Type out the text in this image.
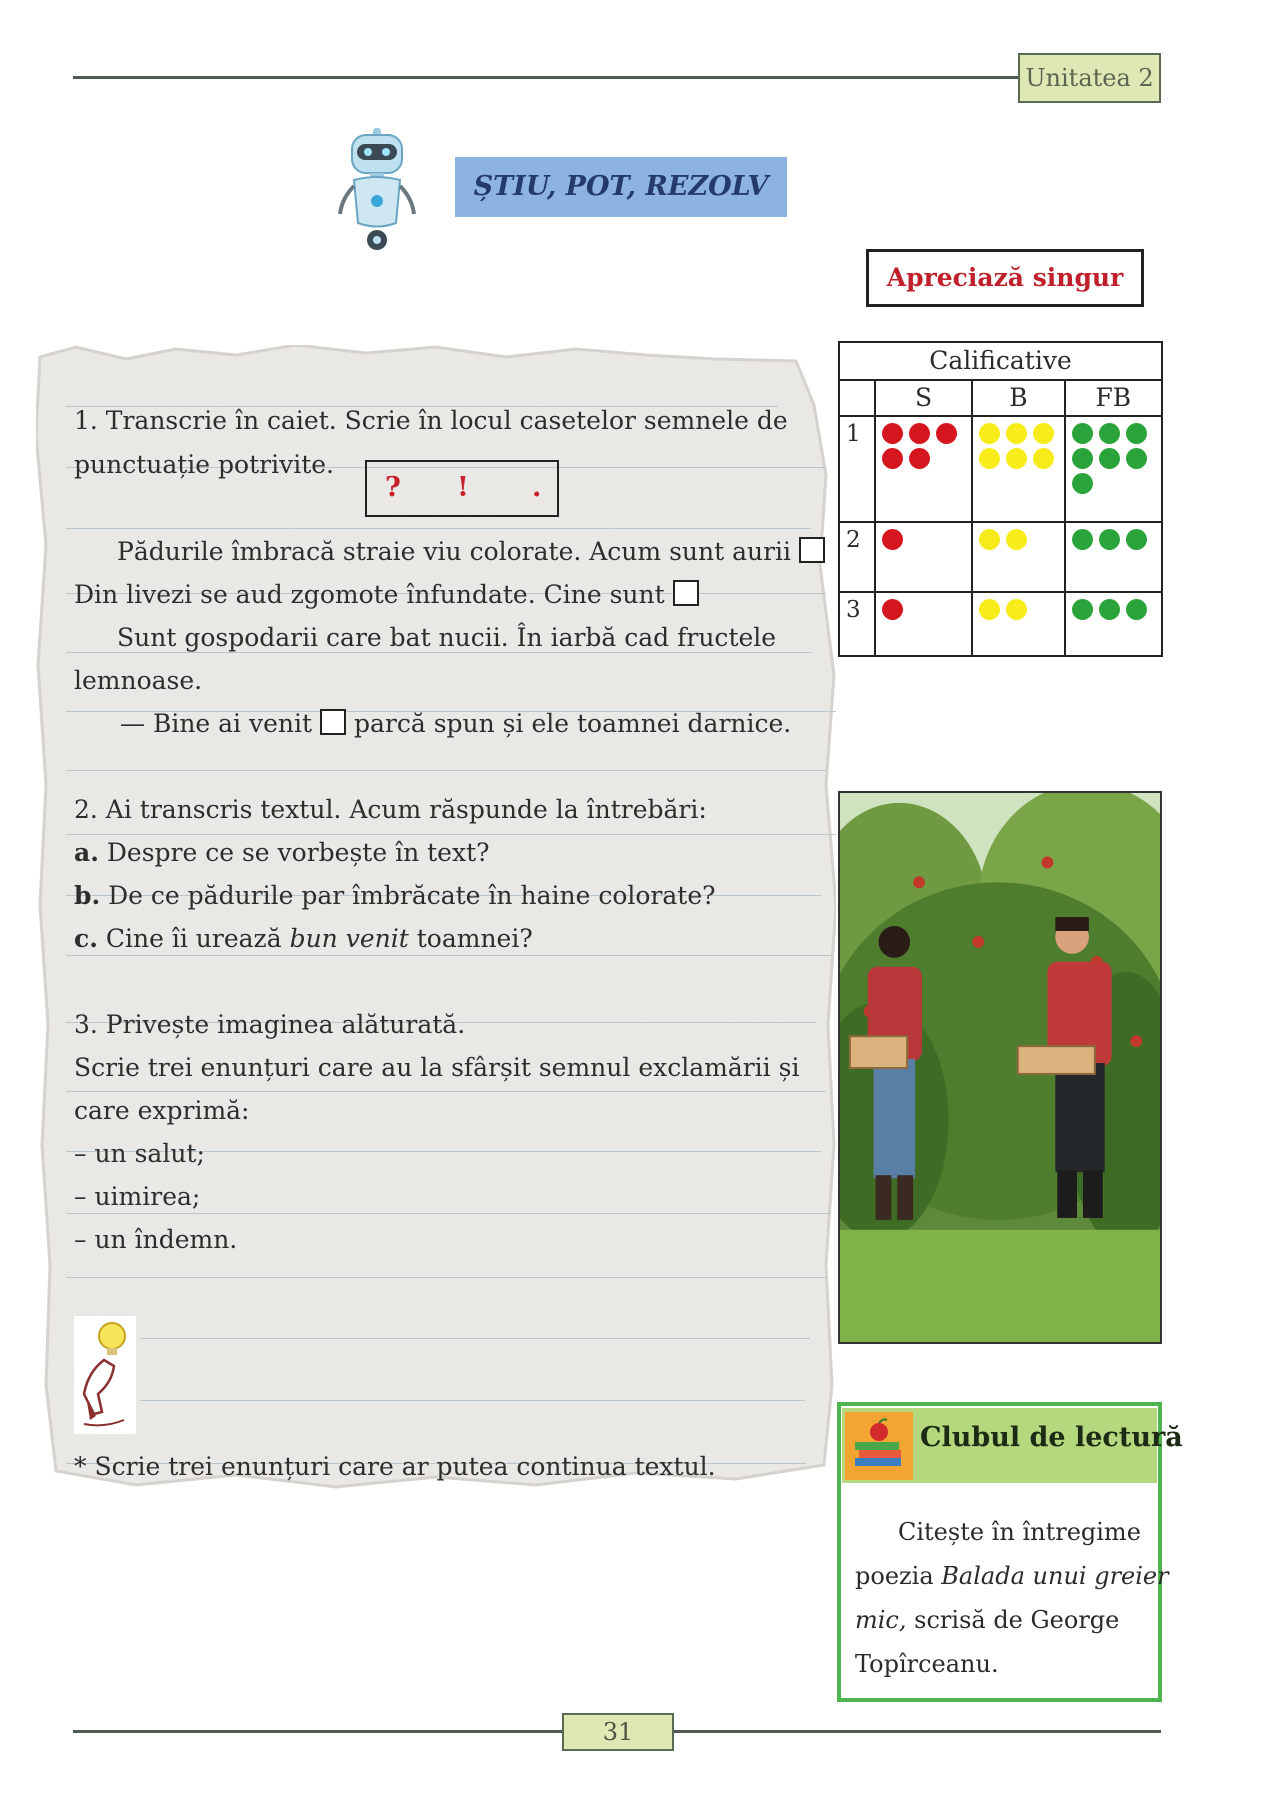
Unitatea 2
ȘTIU, POT, REZOLV
Apreciază singur
Calificative			
	S	B	FB
1	

2	

3	

1. Transcrie în caiet. Scrie în locul casetelor semnele de
punctuație potrivite.
? ! .
Pădurile îmbracă straie viu colorate. Acum sunt aurii
Din livezi se aud zgomote înfundate. Cine sunt
Sunt gospodarii care bat nucii. În iarbă cad fructele
lemnoase.
— Bine ai venit parcă spun și ele toamnei darnice.
2. Ai transcris textul. Acum răspunde la întrebări:
a. Despre ce se vorbește în text?
b. De ce pădurile par îmbrăcate în haine colorate?
c. Cine îi urează bun venit toamnei?
3. Privește imaginea alăturată.
Scrie trei enunțuri care au la sfârșit semnul exclamării și
care exprimă:
– un salut;
– uimirea;
– un îndemn.
* Scrie trei enunțuri care ar putea continua textul.
Clubul de lectură
Citește în întregime
poezia Balada unui greier
mic, scrisă de George
Topîrceanu.
31
